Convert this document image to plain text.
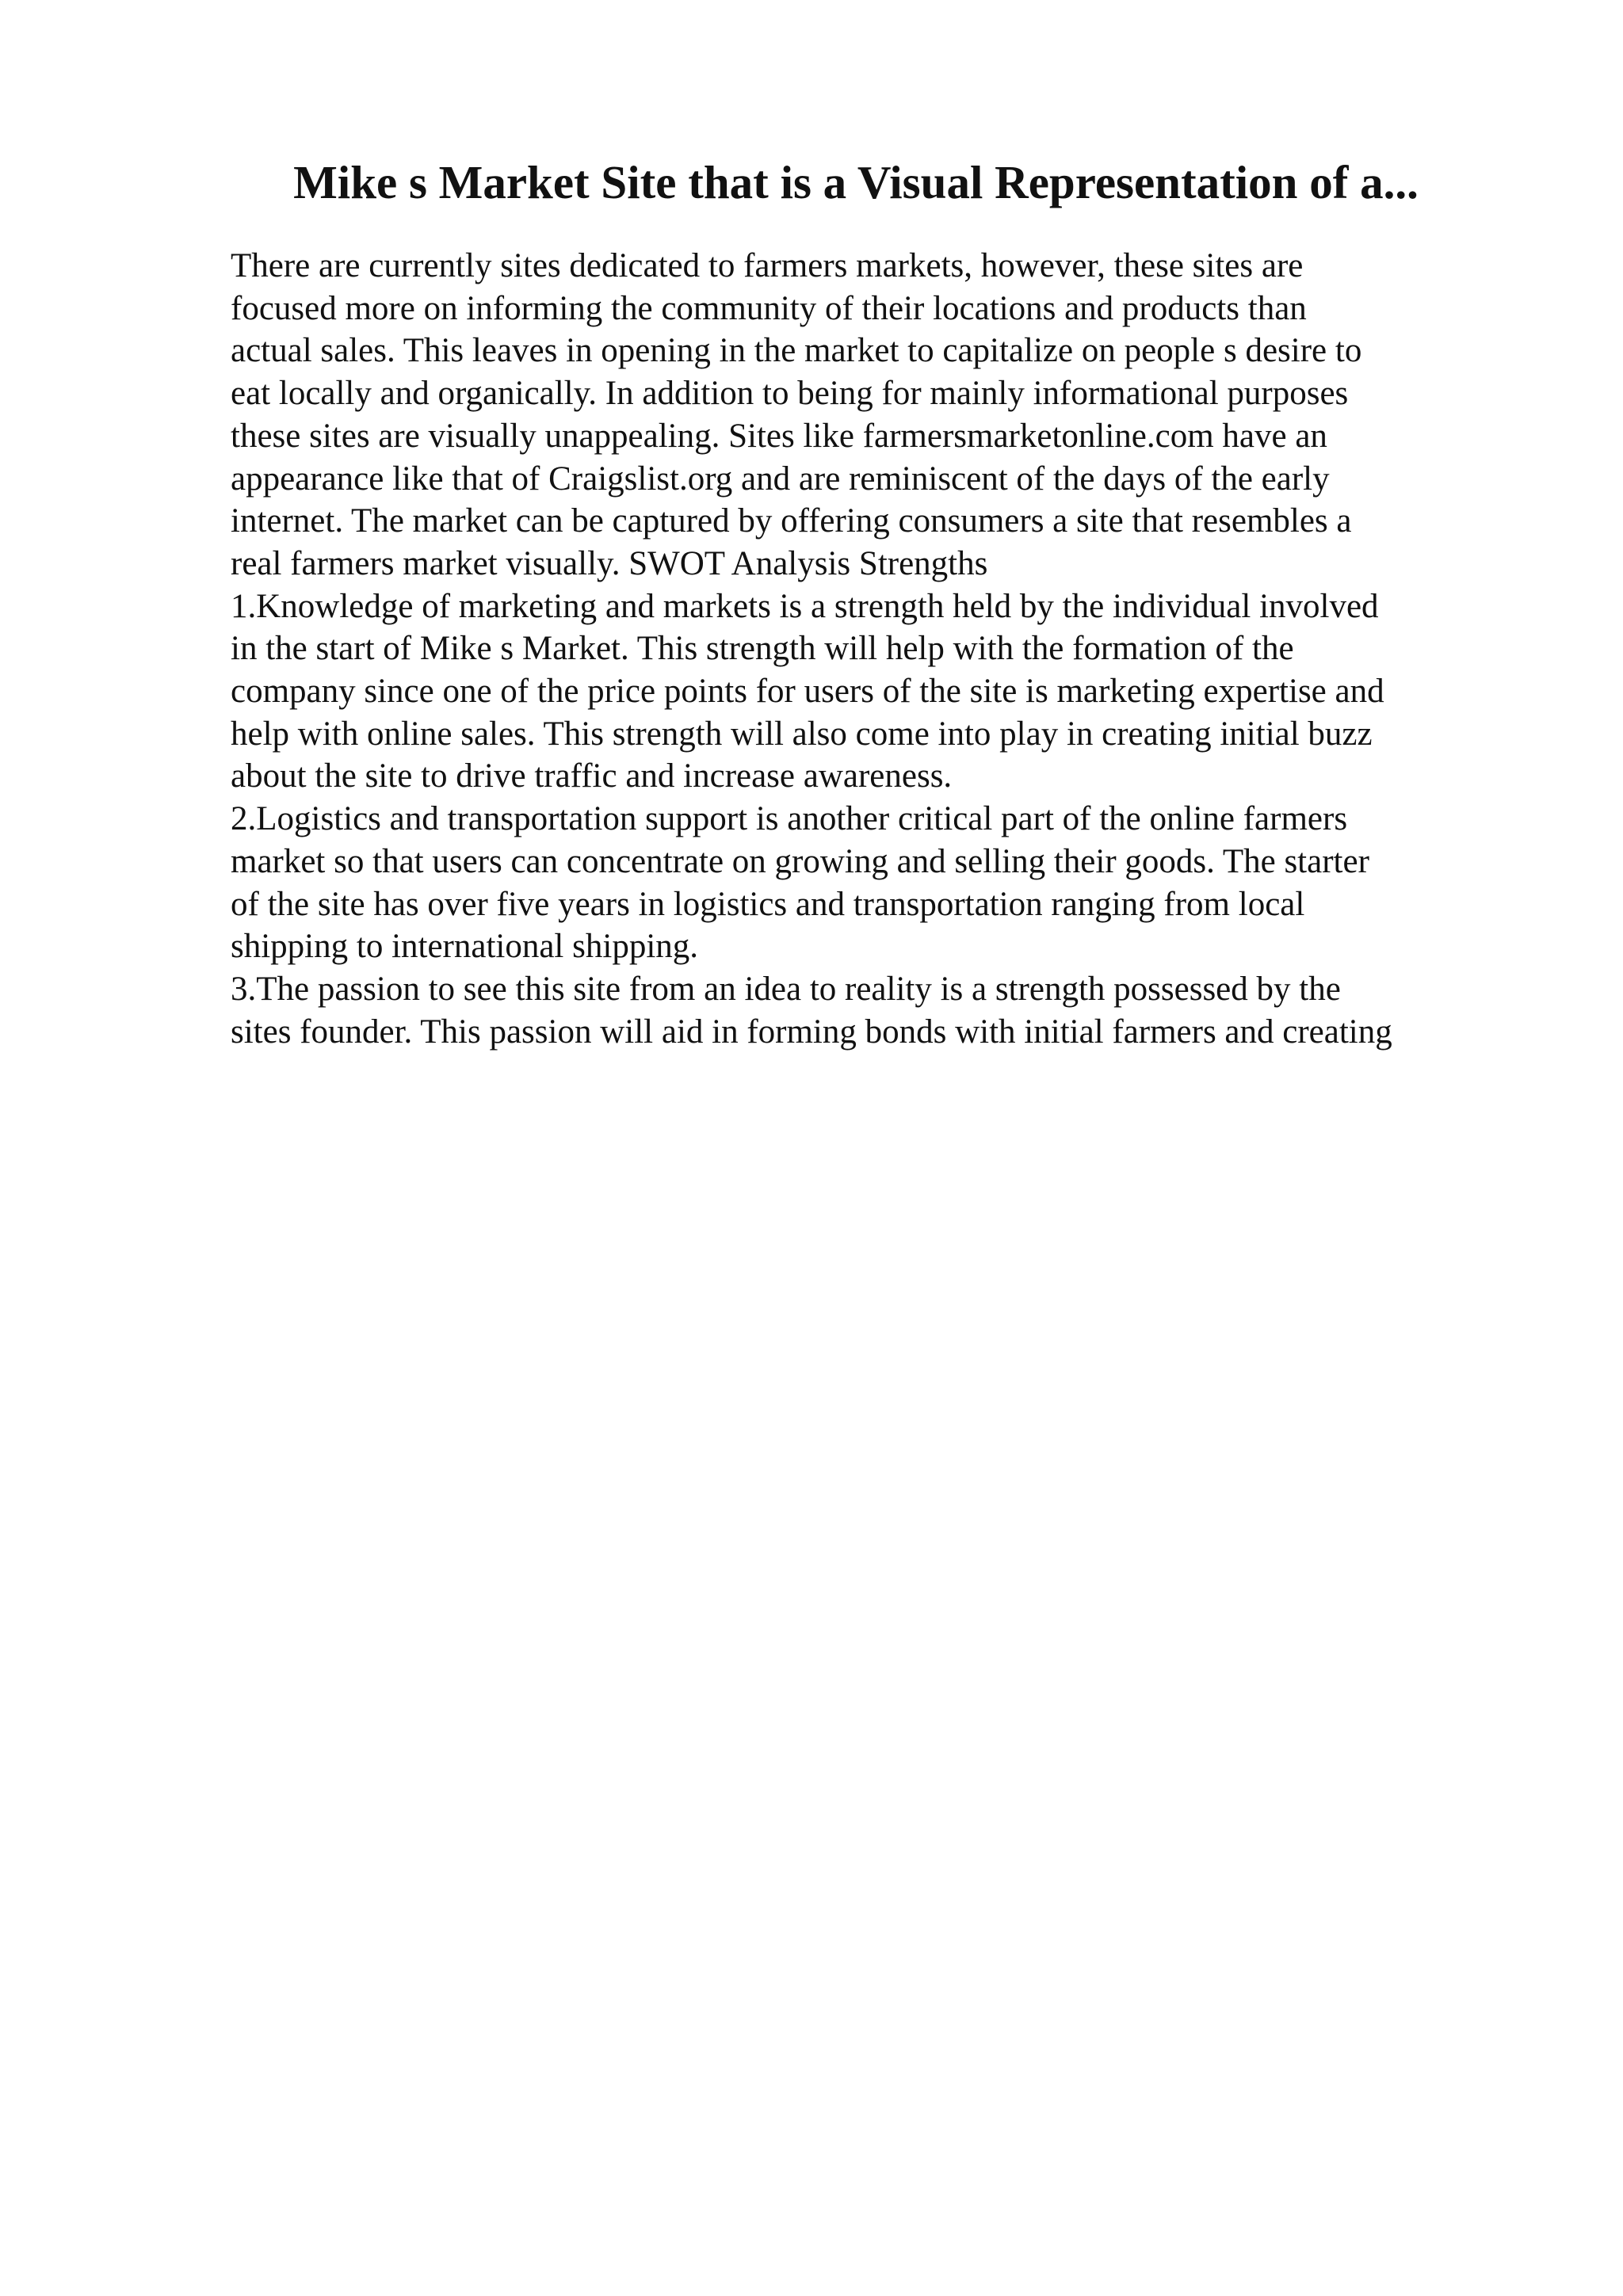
Mike s Market Site that is a Visual Representation of a...
There are currently sites dedicated to farmers markets, however, these sites are
focused more on informing the community of their locations and products than
actual sales. This leaves in opening in the market to capitalize on people s desire to
eat locally and organically. In addition to being for mainly informational purposes
these sites are visually unappealing. Sites like farmersmarketonline.com have an
appearance like that of Craigslist.org and are reminiscent of the days of the early
internet. The market can be captured by offering consumers a site that resembles a
real farmers market visually. SWOT Analysis Strengths
1.Knowledge of marketing and markets is a strength held by the individual involved
in the start of Mike s Market. This strength will help with the formation of the
company since one of the price points for users of the site is marketing expertise and
help with online sales. This strength will also come into play in creating initial buzz
about the site to drive traffic and increase awareness.
2.Logistics and transportation support is another critical part of the online farmers
market so that users can concentrate on growing and selling their goods. The starter
of the site has over five years in logistics and transportation ranging from local
shipping to international shipping.
3.The passion to see this site from an idea to reality is a strength possessed by the
sites founder. This passion will aid in forming bonds with initial farmers and creating
